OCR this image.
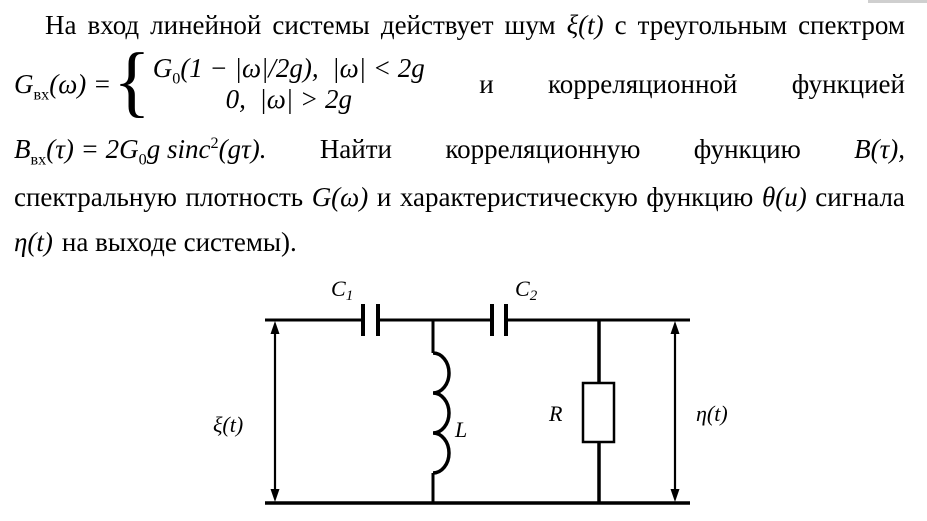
На вход линейной системы действует шум ξ(t) с треугольным спектром
$G_{вх}(\omega)$ = { $G_0(1 - |\omega|/2g)$,  |ω| < 2g
0,  |ω| > 2g
и корреляционной функцией
$B_{вх}(\tau) = 2G_0g$ sinc$^2$(gτ). Найти корреляционную функцию B(τ),
спектральную плотность G(ω) и характеристическую функцию θ(u) сигнала
η(t) на выходе системы).
C1	C2
L
R
ξ(t)	η(t)
